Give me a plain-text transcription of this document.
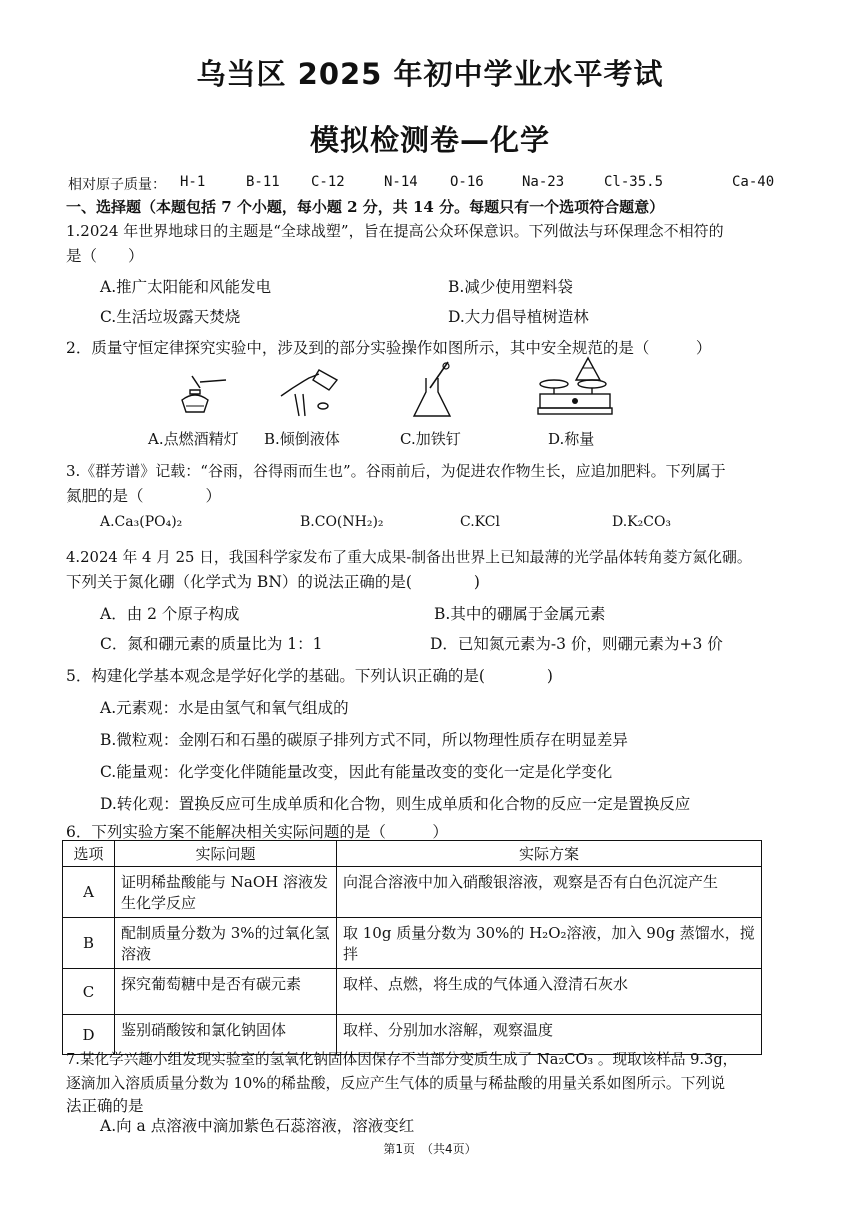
乌当区 2025 年初中学业水平考试
模拟检测卷—化学
相对原子质量： H-1	B-11 C-12	N-14 O-16	Na-23	Cl-35.5	Ca-40
一、选择题（本题包括 7 个小题，每小题 2 分，共 14 分。每题只有一个选项符合题意）
1.2024 年世界地球日的主题是“全球战塑”，旨在提高公众环保意识。下列做法与环保理念不相符的
是（　　）
A.推广太阳能和风能发电	B.减少使用塑料袋
C.生活垃圾露天焚烧	D.大力倡导植树造林
2．质量守恒定律探究实验中，涉及到的部分实验操作如图所示，其中安全规范的是（　　　）
A.点燃酒精灯 B.倾倒液体	C.加铁钉	D.称量
3.《群芳谱》记载：“谷雨，谷得雨而生也”。谷雨前后，为促进农作物生长，应追加肥料。下列属于
氮肥的是（　　　　）
A.Ca₃(PO₄)₂	B.CO(NH₂)₂	C.KCl	D.K₂CO₃
4.2024 年 4 月 25 日，我国科学家发布了重大成果-制备出世界上已知最薄的光学晶体转角菱方氮化硼。
下列关于氮化硼（化学式为 BN）的说法正确的是(　　　　)
A．由 2 个原子构成	B.其中的硼属于金属元素
C．氮和硼元素的质量比为 1：1	D．已知氮元素为-3 价，则硼元素为+3 价
5．构建化学基本观念是学好化学的基础。下列认识正确的是(　　　　)
A.元素观：水是由氢气和氧气组成的
B.微粒观：金刚石和石墨的碳原子排列方式不同，所以物理性质存在明显差异
C.能量观：化学变化伴随能量改变，因此有能量改变的变化一定是化学变化
D.转化观：置换反应可生成单质和化合物，则生成单质和化合物的反应一定是置换反应
6．下列实验方案不能解决相关实际问题的是（　　　）
选项	实际问题	实际方案
A	证明稀盐酸能与 NaOH 溶液发生化学反应	向混合溶液中加入硝酸银溶液，观察是否有白色沉淀产生
B	配制质量分数为 3%的过氧化氢溶液	取 10g 质量分数为 30%的 H₂O₂溶液，加入 90g 蒸馏水，搅拌
C	探究葡萄糖中是否有碳元素	取样、点燃，将生成的气体通入澄清石灰水
D	鉴别硝酸铵和氯化钠固体	取样、分别加水溶解，观察温度
7.某化学兴趣小组发现实验室的氢氧化钠固体因保存不当部分变质生成了 Na₂CO₃ 。现取该样品 9.3g，
逐滴加入溶质质量分数为 10%的稀盐酸，反应产生气体的质量与稀盐酸的用量关系如图所示。下列说
法正确的是
A.向 a 点溶液中滴加紫色石蕊溶液，溶液变红
第1页　（共4页）
